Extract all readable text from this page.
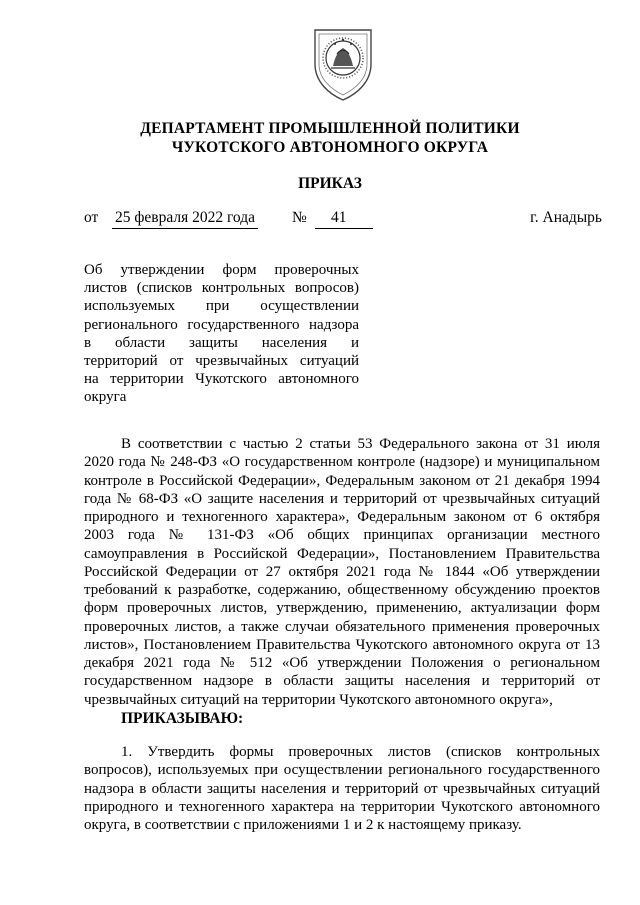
ДЕПАРТАМЕНТ ПРОМЫШЛЕННОЙ ПОЛИТИКИ
ЧУКОТСКОГО АВТОНОМНОГО ОКРУГА
ПРИКАЗ
от 25 февраля 2022 года №	41	г. Анадырь
Об утверждении форм проверочных
листов (списков контрольных вопросов)
используемых при осуществлении
регионального государственного надзора
в области защиты населения и
территорий от чрезвычайных ситуаций
на территории Чукотского автономного
округа
В соответствии с частью 2 статьи 53 Федерального закона от 31 июля
2020 года № 248-ФЗ «О государственном контроле (надзоре) и муниципальном
контроле в Российской Федерации», Федеральным законом от 21 декабря 1994
года № 68-ФЗ «О защите населения и территорий от чрезвычайных ситуаций
природного и техногенного характера», Федеральным законом от 6 октября
2003 года № 131-ФЗ «Об общих принципах организации местного
самоуправления в Российской Федерации», Постановлением Правительства
Российской Федерации от 27 октября 2021 года № 1844 «Об утверждении
требований к разработке, содержанию, общественному обсуждению проектов
форм проверочных листов, утверждению, применению, актуализации форм
проверочных листов, а также случаи обязательного применения проверочных
листов», Постановлением Правительства Чукотского автономного округа от 13
декабря 2021 года № 512 «Об утверждении Положения о региональном
государственном надзоре в области защиты населения и территорий от
чрезвычайных ситуаций на территории Чукотского автономного округа»,
ПРИКАЗЫВАЮ:
1. Утвердить формы проверочных листов (списков контрольных
вопросов), используемых при осуществлении регионального государственного
надзора в области защиты населения и территорий от чрезвычайных ситуаций
природного и техногенного характера на территории Чукотского автономного
округа, в соответствии с приложениями 1 и 2 к настоящему приказу.
